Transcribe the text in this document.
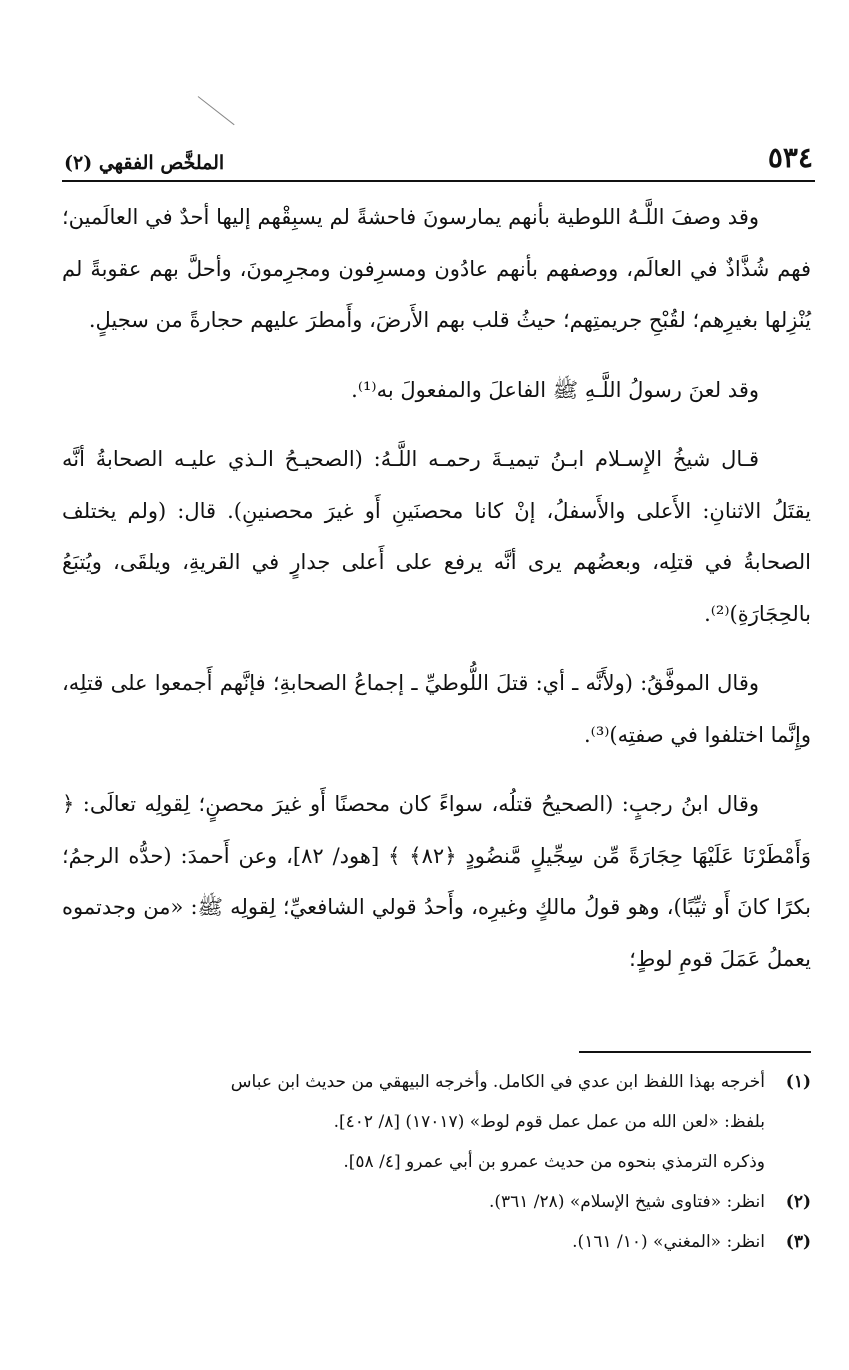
٥٣٤
الملخَّص الفقهي (٢)

وقد وصفَ اللَّـهُ اللوطية بأنهم يمارسونَ فاحشةً لم يسبِقْهم إليها أحدٌ في العالَمين؛ فهم شُذَّاذٌ في العالَم، ووصفهم بأنهم عادُون ومسرِفون ومجرِمونَ، وأحلَّ بهم عقوبةً لم يُنْزِلها بغيرِهم؛ لقُبْحِ جريمتِهم؛ حيثُ قلب بهم الأَرضَ، وأَمطرَ عليهم حجارةً من سجيلٍ.

وقد لعنَ رسولُ اللَّـهِ ﷺ الفاعلَ والمفعولَ به⁽¹⁾.

قـال شيخُ الإِسـلام ابـنُ تيميـةَ رحمـه اللَّـهُ: (الصحيـحُ الـذي عليـه الصحابةُ أنَّه يقتَلُ الاثنانِ: الأَعلى والأَسفلُ، إنْ كانا محصنَينِ أَو غيرَ محصنينِ). قال: (ولم يختلف الصحابةُ في قتلِه، وبعضُهم يرى أنَّه يرفع على أَعلى جدارٍ في القريةِ، ويلقَى، ويُتبَعُ بالحِجَارَةِ)⁽²⁾.

وقال الموفَّقُ: (ولأَنَّه ـ أي: قتلَ اللُّوطيِّ ـ إجماعُ الصحابةِ؛ فإنَّهم أَجمعوا على قتلِه، وإِنَّما اختلفوا في صفتِه)⁽³⁾.

وقال ابنُ رجبٍ: (الصحيحُ قتلُه، سواءً كان محصنًا أَو غيرَ محصنٍ؛ لِقولِه تعالَى: ﴿ وَأَمْطَرْنَا عَلَيْهَا حِجَارَةً مِّن سِجِّيلٍ مَّنضُودٍ ﴿٨٢﴾ ﴾ [هود/ ٨٢]، وعن أَحمدَ: (حدُّه الرجمُ؛ بكرًا كانَ أَو ثيِّبًا)، وهو قولُ مالكٍ وغيرِه، وأَحدُ قولي الشافعيِّ؛ لِقولِه ﷺ: «من وجدتموه يعملُ عَمَلَ قومِ لوطٍ؛

(١)
أخرجه بهذا اللفظ ابن عدي في الكامل. وأخرجه البيهقي من حديث ابن عباس

بلفظ: «لعن الله من عمل عمل قوم لوط» (١٧٠١٧) [٨/ ٤٠٢].

وذكره الترمذي بنحوه من حديث عمرو بن أبي عمرو [٤/ ٥٨].

(٢)
انظر: «فتاوى شيخ الإسلام» (٢٨/ ٣٦١).
(٣)
انظر: «المغني» (١٠/ ١٦١).
